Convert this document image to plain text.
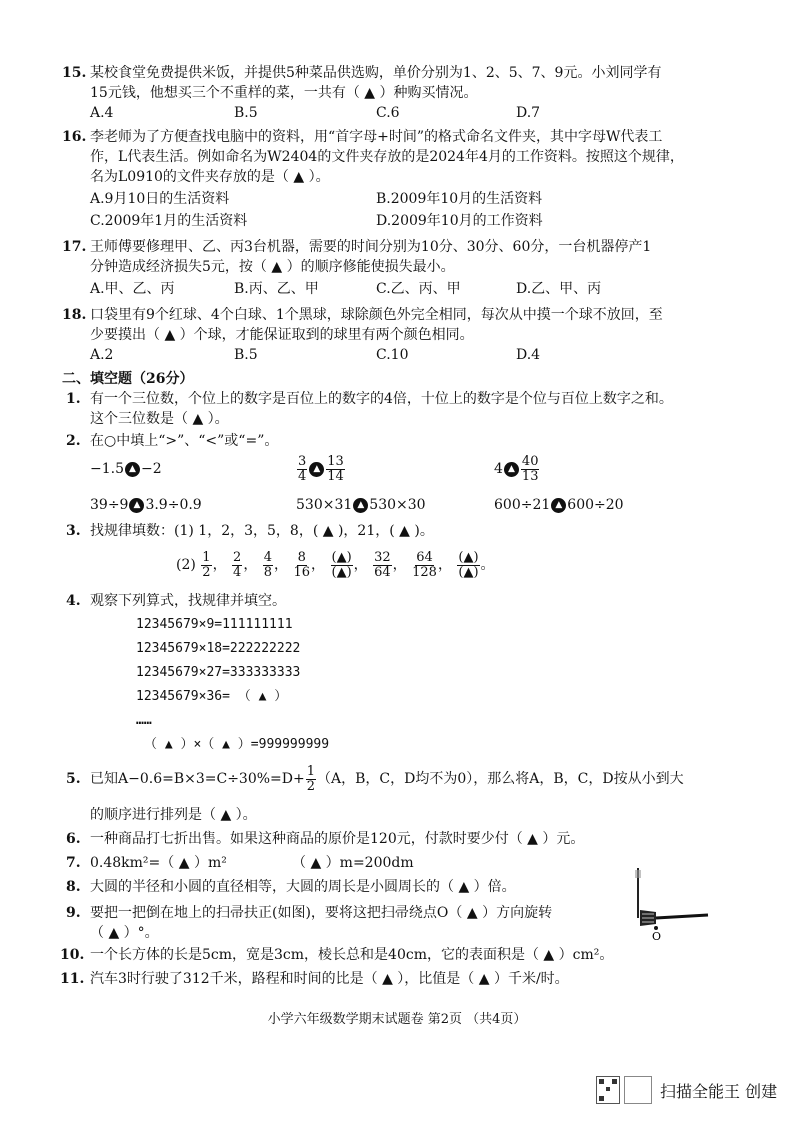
15. 某校食堂免费提供米饭，并提供5种菜品供选购，单价分别为1、2、5、7、9元。小刘同学有
15元钱，他想买三个不重样的菜，一共有（ ▲ ）种购买情况。
A.4	B.5	C.6	D.7
16. 李老师为了方便查找电脑中的资料，用“首字母+时间”的格式命名文件夹，其中字母W代表工
作，L代表生活。例如命名为W2404的文件夹存放的是2024年4月的工作资料。按照这个规律，
名为L0910的文件夹存放的是（ ▲ ）。
A.9月10日的生活资料	B.2009年10月的生活资料
C.2009年1月的生活资料	D.2009年10月的工作资料
17. 王师傅要修理甲、乙、丙3台机器，需要的时间分别为10分、30分、60分，一台机器停产1
分钟造成经济损失5元，按（ ▲ ）的顺序修能使损失最小。
A.甲、乙、丙	B.丙、乙、甲	C.乙、丙、甲	D.乙、甲、丙
18. 口袋里有9个红球、4个白球、1个黑球，球除颜色外完全相同，每次从中摸一个球不放回，至
少要摸出（ ▲ ）个球，才能保证取到的球里有两个颜色相同。
A.2	B.5	C.10	D.4
二、填空题（26分）
1. 有一个三位数，个位上的数字是百位上的数字的4倍，十位上的数字是个位与百位上数字之和。
这个三位数是（ ▲ ）。
2. 在○中填上“>”、“<”或“=”。
−1.5 ▲ −2	$\frac{3}{4}$ ▲ $\frac{13}{14}$	4 ▲ $\frac{40}{13}$
39÷9 ▲ 3.9÷0.9	530×31 ▲ 530×30	600÷21 ▲ 600÷20
3. 找规律填数：(1) 1，2，3，5，8，( ▲ )，21，( ▲ )。
$(2) \frac{1}{2}$ ， $\frac{2}{4}$ ， $\frac{4}{8}$ ， $\frac{8}{16}$ ， $\frac{(▲)}{(▲)}$ ， $\frac{32}{64}$ ， $\frac{64}{128}$ ， $\frac{(▲)}{(▲)}$ 。
4. 观察下列算式，找规律并填空。
12345679×9=111111111
12345679×18=222222222
12345679×27=333333333
12345679×36= （ ▲ ）
……
（ ▲ ）×（ ▲ ）=999999999
5. 已知$A-0.6=B\times 3=C\div 30\%=D+ \frac{1}{2} (A$，B，C，D均不为0），那么将A，B，C，D按从小到大
的顺序进行排列是（ ▲ ）。
6. 一种商品打七折出售。如果这种商品的原价是120元，付款时要少付（ ▲ ）元。
7. 0.48km²=（ ▲ ）m²	（ ▲ ）m=200dm
8. 大圆的半径和小圆的直径相等，大圆的周长是小圆周长的（ ▲ ）倍。
9. 要把一把倒在地上的扫帚扶正(如图)，要将这把扫帚绕点O（ ▲ ）方向旋转
（ ▲ ）°。	O
10. 一个长方体的长是5cm，宽是3cm，棱长总和是40cm，它的表面积是（ ▲ ）cm²。
11. 汽车3时行驶了312千米，路程和时间的比是（ ▲ ），比值是（ ▲ ）千米/时。
小学六年级数学期末试题卷 第2页 （共4页）
扫描全能王 创建
